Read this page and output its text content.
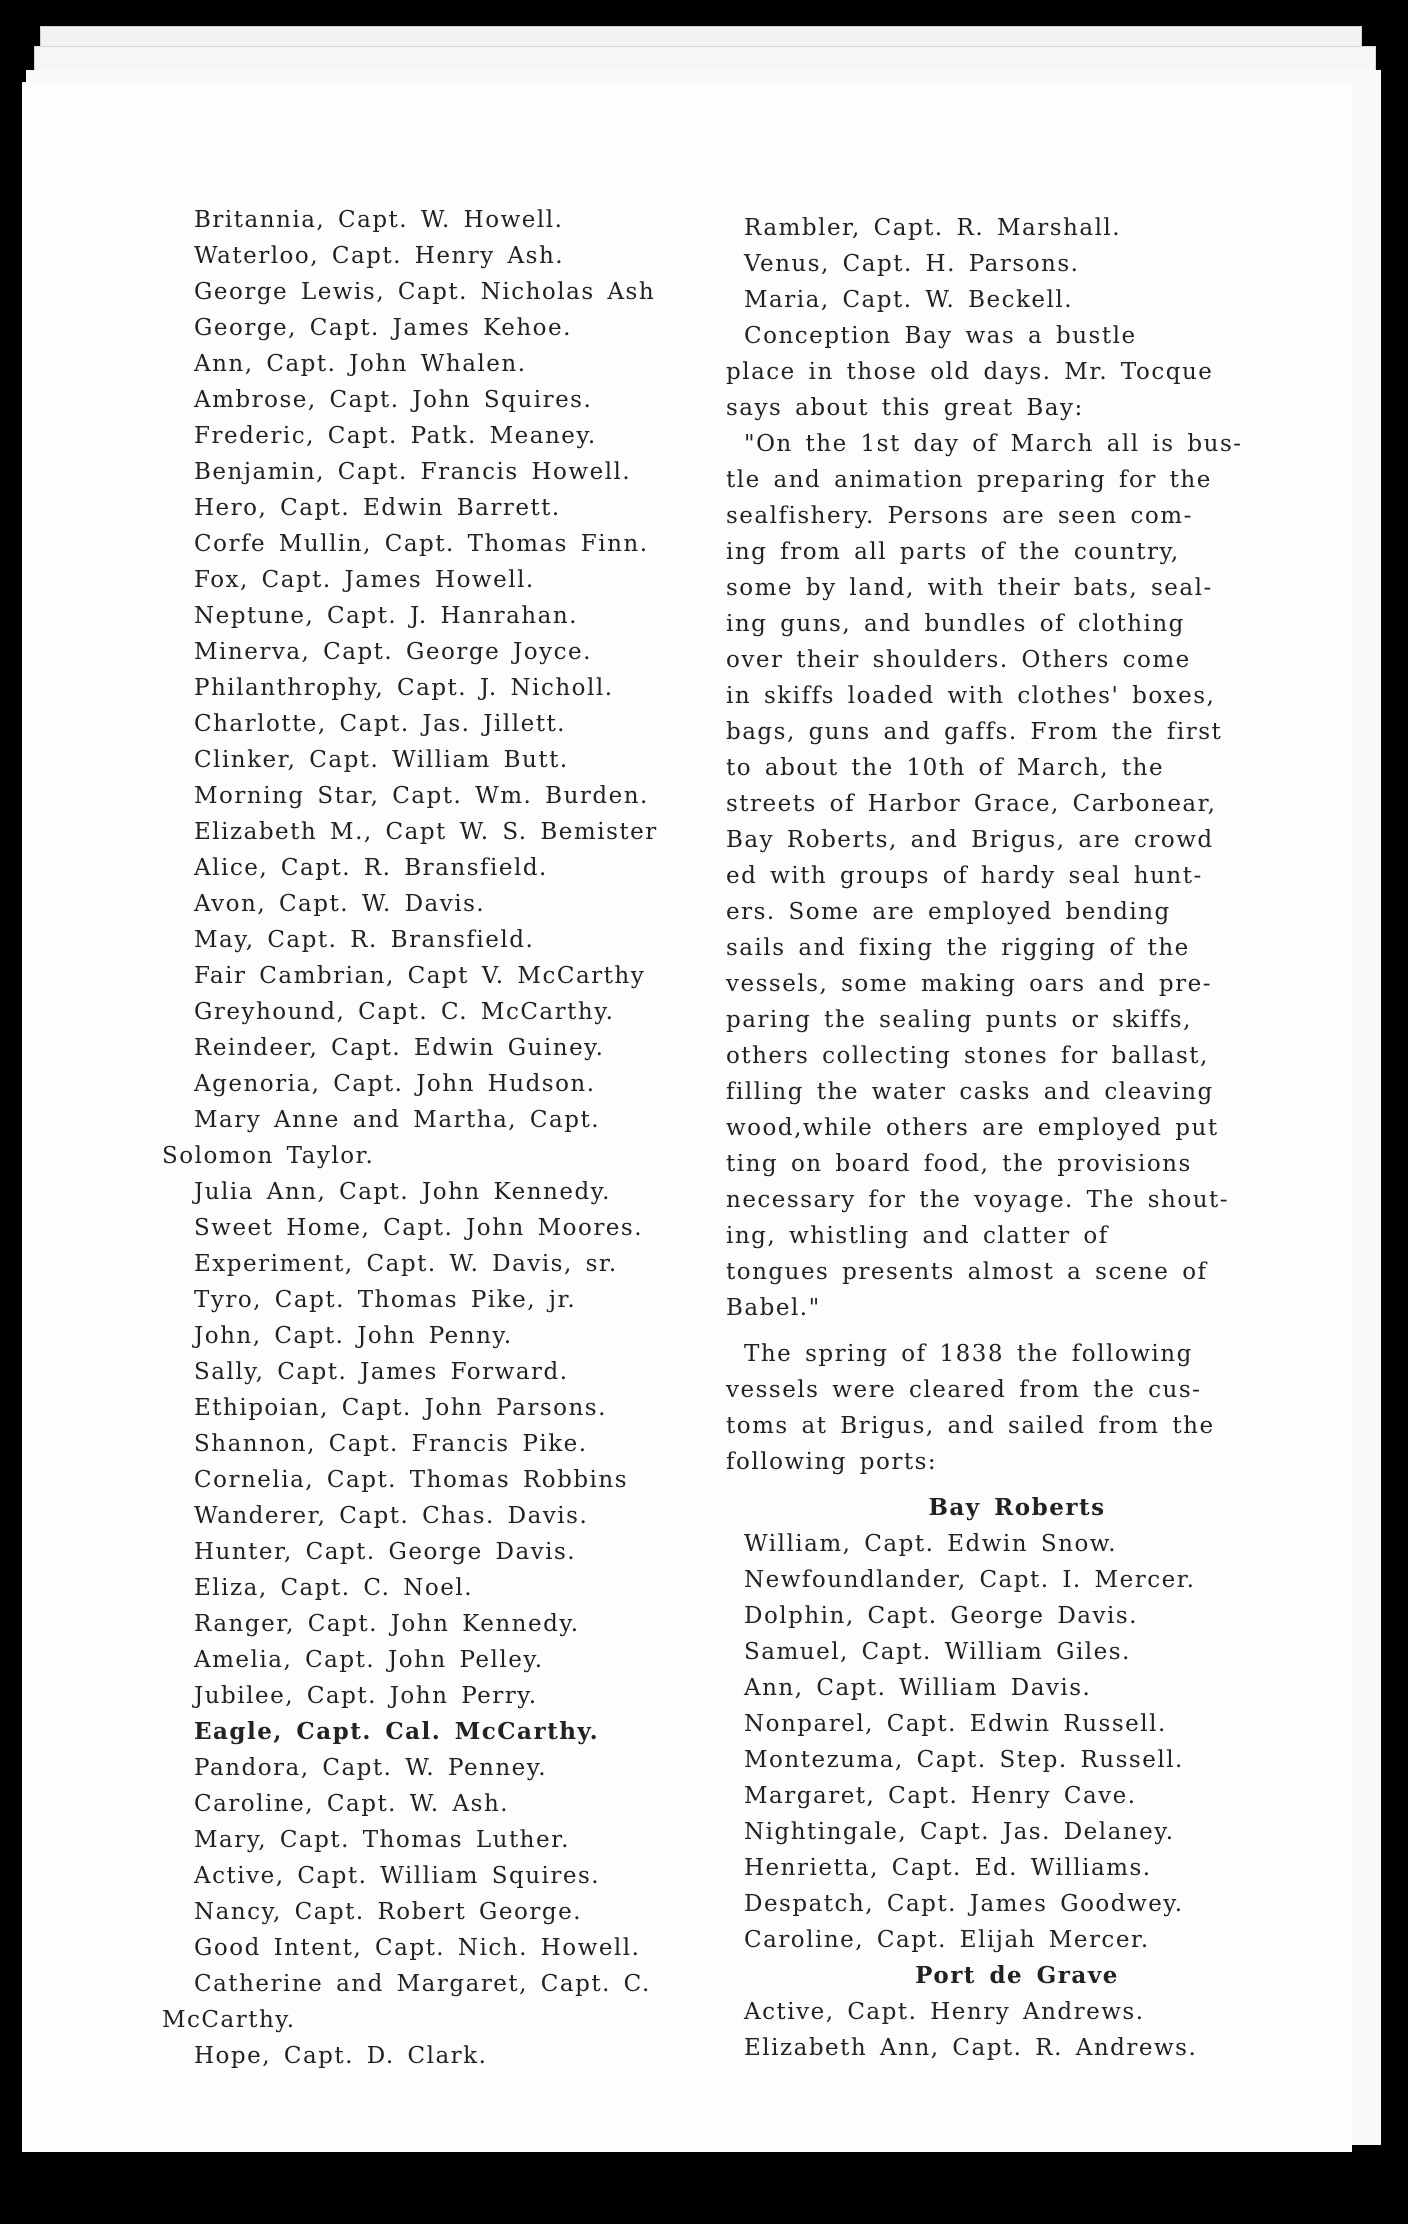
Britannia, Capt. W. Howell.

Waterloo, Capt. Henry Ash.

George Lewis, Capt. Nicholas Ash

George, Capt. James Kehoe.

Ann, Capt. John Whalen.

Ambrose, Capt. John Squires.

Frederic, Capt. Patk. Meaney.

Benjamin, Capt. Francis Howell.

Hero, Capt. Edwin Barrett.

Corfe Mullin, Capt. Thomas Finn.

Fox, Capt. James Howell.

Neptune, Capt. J. Hanrahan.

Minerva, Capt. George Joyce.

Philanthrophy, Capt. J. Nicholl.

Charlotte, Capt. Jas. Jillett.

Clinker, Capt. William Butt.

Morning Star, Capt. Wm. Burden.

Elizabeth M., Capt W. S. Bemister

Alice, Capt. R. Bransfield.

Avon, Capt. W. Davis.

May, Capt. R. Bransfield.

Fair Cambrian, Capt V. McCarthy

Greyhound, Capt. C. McCarthy.

Reindeer, Capt. Edwin Guiney.

Agenoria, Capt. John Hudson.

Mary Anne and Martha, Capt.

Solomon Taylor.

Julia Ann, Capt. John Kennedy.

Sweet Home, Capt. John Moores.

Experiment, Capt. W. Davis, sr.

Tyro, Capt. Thomas Pike, jr.

John, Capt. John Penny.

Sally, Capt. James Forward.

Ethipoian, Capt. John Parsons.

Shannon, Capt. Francis Pike.

Cornelia, Capt. Thomas Robbins

Wanderer, Capt. Chas. Davis.

Hunter, Capt. George Davis.

Eliza, Capt. C. Noel.

Ranger, Capt. John Kennedy.

Amelia, Capt. John Pelley.

Jubilee, Capt. John Perry.

Eagle, Capt. Cal. McCarthy.

Pandora, Capt. W. Penney.

Caroline, Capt. W. Ash.

Mary, Capt. Thomas Luther.

Active, Capt. William Squires.

Nancy, Capt. Robert George.

Good Intent, Capt. Nich. Howell.

Catherine and Margaret, Capt. C.

McCarthy.

Hope, Capt. D. Clark.

Rambler, Capt. R. Marshall.

Venus, Capt. H. Parsons.

Maria, Capt. W. Beckell.

Conception Bay was a bustle

place in those old days. Mr. Tocque

says about this great Bay:

"On the 1st day of March all is bus-

tle and animation preparing for the

sealfishery. Persons are seen com-

ing from all parts of the country,

some by land, with their bats, seal-

ing guns, and bundles of clothing

over their shoulders. Others come

in skiffs loaded with clothes' boxes,

bags, guns and gaffs. From the first

to about the 10th of March, the

streets of Harbor Grace, Carbonear,

Bay Roberts, and Brigus, are crowd

ed with groups of hardy seal hunt-

ers. Some are employed bending

sails and fixing the rigging of the

vessels, some making oars and pre-

paring the sealing punts or skiffs,

others collecting stones for ballast,

filling the water casks and cleaving

wood,while others are employed put

ting on board food, the provisions

necessary for the voyage. The shout-

ing, whistling and clatter of

tongues presents almost a scene of

Babel."

The spring of 1838 the following

vessels were cleared from the cus-

toms at Brigus, and sailed from the

following ports:

Bay Roberts

William, Capt. Edwin Snow.

Newfoundlander, Capt. I. Mercer.

Dolphin, Capt. George Davis.

Samuel, Capt. William Giles.

Ann, Capt. William Davis.

Nonparel, Capt. Edwin Russell.

Montezuma, Capt. Step. Russell.

Margaret, Capt. Henry Cave.

Nightingale, Capt. Jas. Delaney.

Henrietta, Capt. Ed. Williams.

Despatch, Capt. James Goodwey.

Caroline, Capt. Elijah Mercer.

Port de Grave

Active, Capt. Henry Andrews.

Elizabeth Ann, Capt. R. Andrews.
